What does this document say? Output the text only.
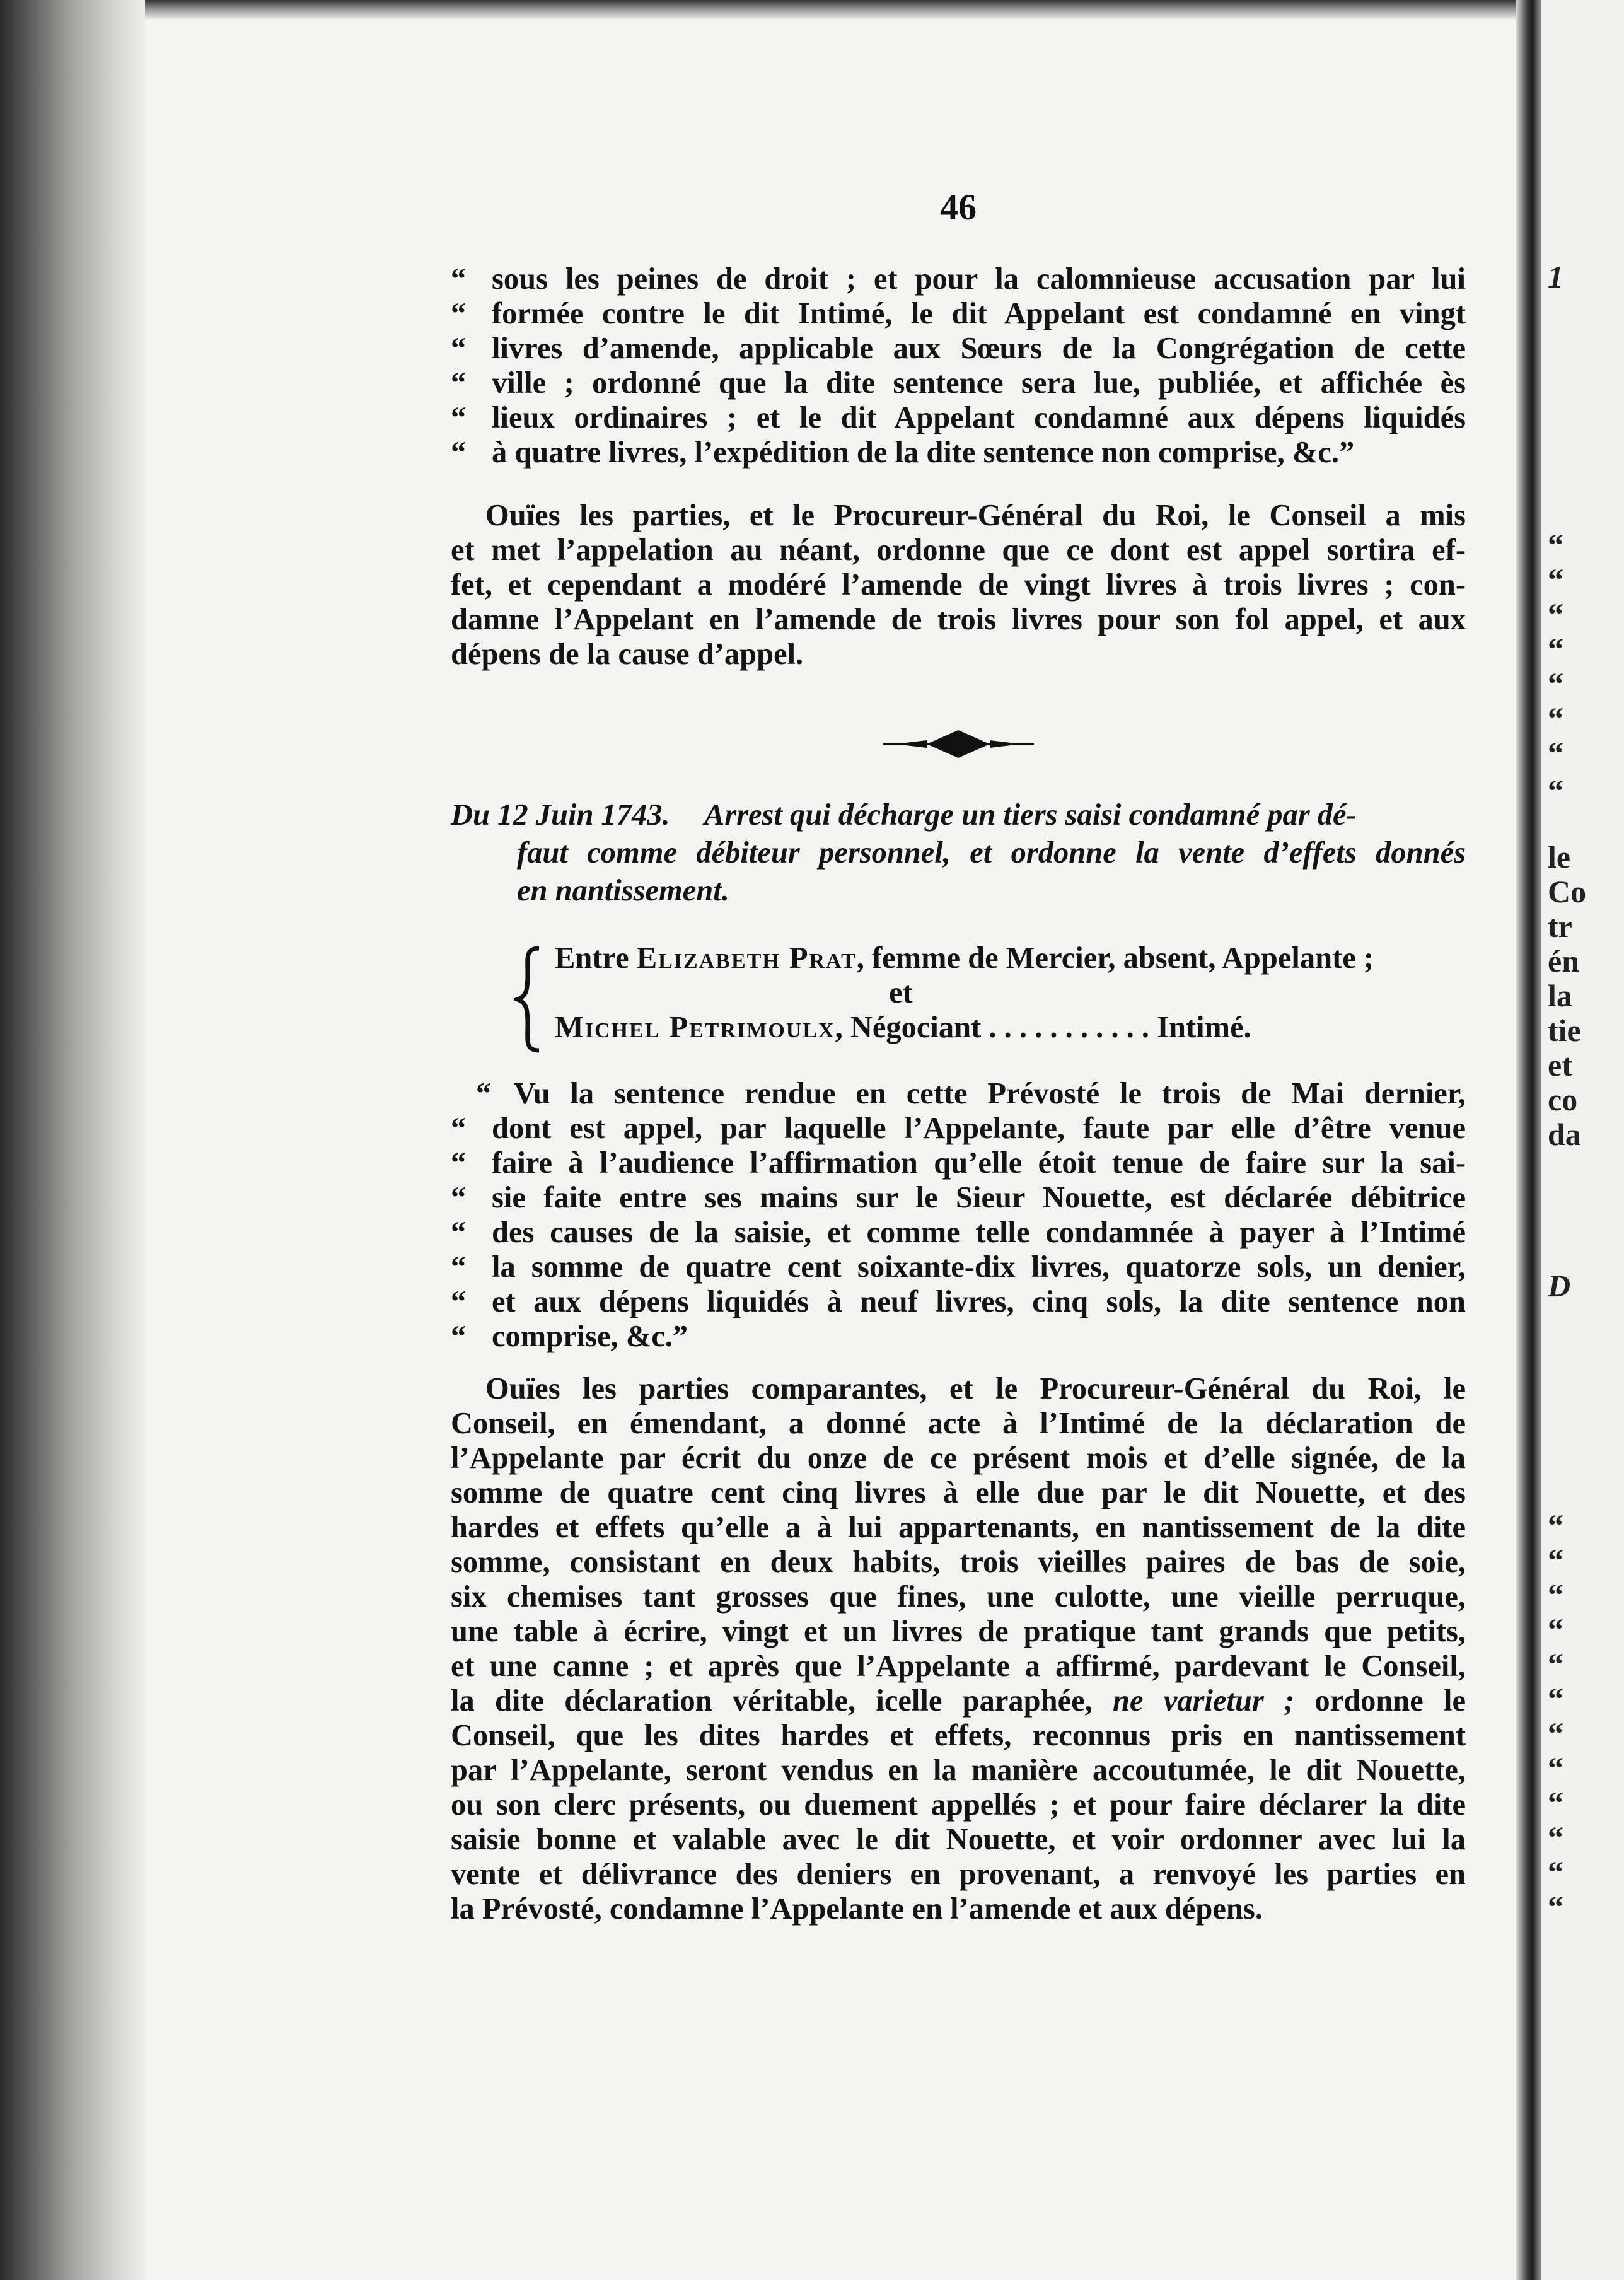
1
“
“
“
“
“
“
“
“
le
Co
tr
én
la
tie
et
co
da
D
“
“
“
“
“
“
“
“
“
“
“
“
46
“ sous les peines de droit ; et pour la calomnieuse accusation par lui
“ formée contre le dit Intimé, le dit Appelant est condamné en vingt
“ livres d’amende, applicable aux Sœurs de la Congrégation de cette
“ ville ; ordonné que la dite sentence sera lue, publiée, et affichée ès
“ lieux ordinaires ; et le dit Appelant condamné aux dépens liquidés
“ à quatre livres, l’expédition de la dite sentence non comprise, &c.”
Ouïes les parties, et le Procureur-Général du Roi, le Conseil a mis
et met l’appelation au néant, ordonne que ce dont est appel sortira ef-
fet, et cependant a modéré l’amende de vingt livres à trois livres ; con-
damne l’Appelant en l’amende de trois livres pour son fol appel, et aux
dépens de la cause d’appel.
Du 12 Juin 1743. Arrest qui décharge un tiers saisi condamné par dé-
faut comme débiteur personnel, et ordonne la vente d’effets donnés
en nantissement.
Entre Elizabeth Prat, femme de Mercier, absent, Appelante ;
et
Michel Petrimoulx, Négociant . . . . . . . . . . . Intimé.
“ Vu la sentence rendue en cette Prévosté le trois de Mai dernier,
“ dont est appel, par laquelle l’Appelante, faute par elle d’être venue
“ faire à l’audience l’affirmation qu’elle étoit tenue de faire sur la sai-
“ sie faite entre ses mains sur le Sieur Nouette, est déclarée débitrice
“ des causes de la saisie, et comme telle condamnée à payer à l’Intimé
“ la somme de quatre cent soixante-dix livres, quatorze sols, un denier,
“ et aux dépens liquidés à neuf livres, cinq sols, la dite sentence non
“ comprise, &c.”
Ouïes les parties comparantes, et le Procureur-Général du Roi, le
Conseil, en émendant, a donné acte à l’Intimé de la déclaration de
l’Appelante par écrit du onze de ce présent mois et d’elle signée, de la
somme de quatre cent cinq livres à elle due par le dit Nouette, et des
hardes et effets qu’elle a à lui appartenants, en nantissement de la dite
somme, consistant en deux habits, trois vieilles paires de bas de soie,
six chemises tant grosses que fines, une culotte, une vieille perruque,
une table à écrire, vingt et un livres de pratique tant grands que petits,
et une canne ; et après que l’Appelante a affirmé, pardevant le Conseil,
la dite déclaration véritable, icelle paraphée, ne varietur ; ordonne le
Conseil, que les dites hardes et effets, reconnus pris en nantissement
par l’Appelante, seront vendus en la manière accoutumée, le dit Nouette,
ou son clerc présents, ou duement appellés ; et pour faire déclarer la dite
saisie bonne et valable avec le dit Nouette, et voir ordonner avec lui la
vente et délivrance des deniers en provenant, a renvoyé les parties en
la Prévosté, condamne l’Appelante en l’amende et aux dépens.
